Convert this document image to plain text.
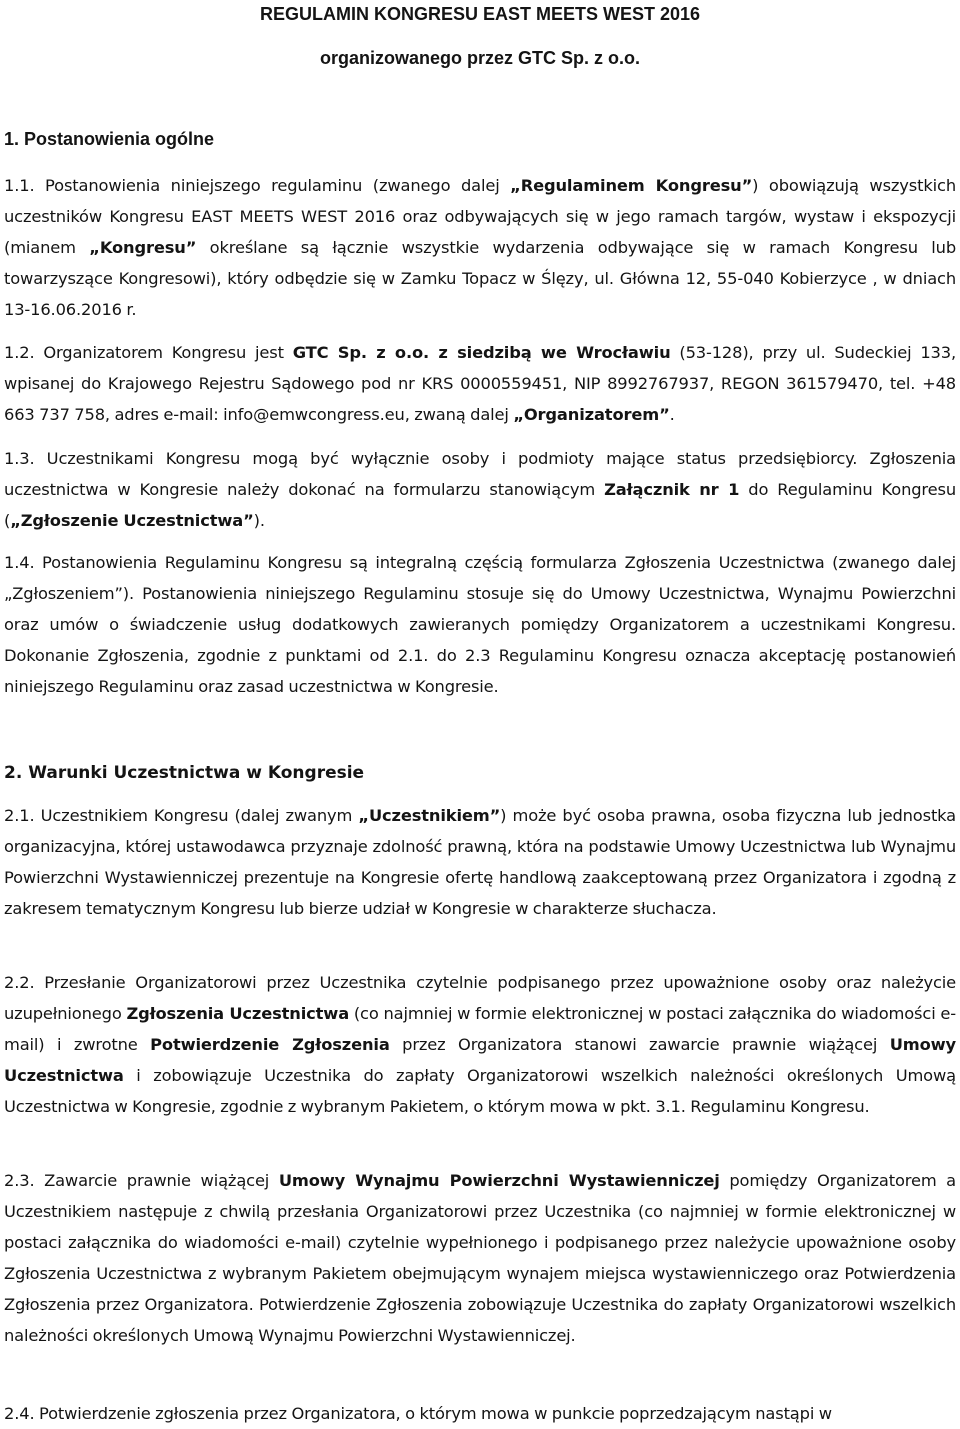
REGULAMIN KONGRESU EAST MEETS WEST 2016
organizowanego przez GTC Sp. z o.o.
1. Postanowienia ogólne

1.1. Postanowienia niniejszego regulaminu (zwanego dalej „Regulaminem Kongresu”) obowiązują wszystkich uczestników Kongresu EAST MEETS WEST 2016 oraz odbywających się w jego ramach targów, wystaw i ekspozycji (mianem „Kongresu” określane są łącznie wszystkie wydarzenia odbywające się w ramach Kongresu lub towarzyszące Kongresowi), który odbędzie się w Zamku Topacz w Ślęzy, ul. Główna 12, 55-040 Kobierzyce , w dniach 13-16.06.2016 r.

1.2. Organizatorem Kongresu jest GTC Sp. z o.o. z siedzibą we Wrocławiu (53-128), przy ul. Sudeckiej 133, wpisanej do Krajowego Rejestru Sądowego pod nr KRS 0000559451, NIP 8992767937, REGON 361579470, tel. +48 663 737 758, adres e-mail: info@emwcongress.eu, zwaną dalej „Organizatorem”.

1.3. Uczestnikami Kongresu mogą być wyłącznie osoby i podmioty mające status przedsiębiorcy. Zgłoszenia uczestnictwa w Kongresie należy dokonać na formularzu stanowiącym Załącznik nr 1 do Regulaminu Kongresu („Zgłoszenie Uczestnictwa”).

1.4. Postanowienia Regulaminu Kongresu są integralną częścią formularza Zgłoszenia Uczestnictwa (zwanego dalej „Zgłoszeniem”). Postanowienia niniejszego Regulaminu stosuje się do Umowy Uczestnictwa, Wynajmu Powierzchni oraz umów o świadczenie usług dodatkowych zawieranych pomiędzy Organizatorem a uczestnikami Kongresu. Dokonanie Zgłoszenia, zgodnie z punktami od 2.1. do 2.3 Regulaminu Kongresu oznacza akceptację postanowień niniejszego Regulaminu oraz zasad uczestnictwa w Kongresie.

2. Warunki Uczestnictwa w Kongresie

2.1. Uczestnikiem Kongresu (dalej zwanym „Uczestnikiem”) może być osoba prawna, osoba fizyczna lub jednostka organizacyjna, której ustawodawca przyznaje zdolność prawną, która na podstawie Umowy Uczestnictwa lub Wynajmu Powierzchni Wystawienniczej prezentuje na Kongresie ofertę handlową zaakceptowaną przez Organizatora i zgodną z zakresem tematycznym Kongresu lub bierze udział w Kongresie w charakterze słuchacza.

2.2. Przesłanie Organizatorowi przez Uczestnika czytelnie podpisanego przez upoważnione osoby oraz należycie uzupełnionego Zgłoszenia Uczestnictwa (co najmniej w formie elektronicznej w postaci załącznika do wiadomości e-mail) i zwrotne Potwierdzenie Zgłoszenia przez Organizatora stanowi zawarcie prawnie wiążącej Umowy Uczestnictwa i zobowiązuje Uczestnika do zapłaty Organizatorowi wszelkich należności określonych Umową Uczestnictwa w Kongresie, zgodnie z wybranym Pakietem, o którym mowa w pkt. 3.1. Regulaminu Kongresu.

2.3. Zawarcie prawnie wiążącej Umowy Wynajmu Powierzchni Wystawienniczej pomiędzy Organizatorem a Uczestnikiem następuje z chwilą przesłania Organizatorowi przez Uczestnika (co najmniej w formie elektronicznej w postaci załącznika do wiadomości e-mail) czytelnie wypełnionego i podpisanego przez należycie upoważnione osoby Zgłoszenia Uczestnictwa z wybranym Pakietem obejmującym wynajem miejsca wystawienniczego oraz Potwierdzenia Zgłoszenia przez Organizatora. Potwierdzenie Zgłoszenia zobowiązuje Uczestnika do zapłaty Organizatorowi wszelkich należności określonych Umową Wynajmu Powierzchni Wystawienniczej.

2.4. Potwierdzenie zgłoszenia przez Organizatora, o którym mowa w punkcie poprzedzającym nastąpi w
